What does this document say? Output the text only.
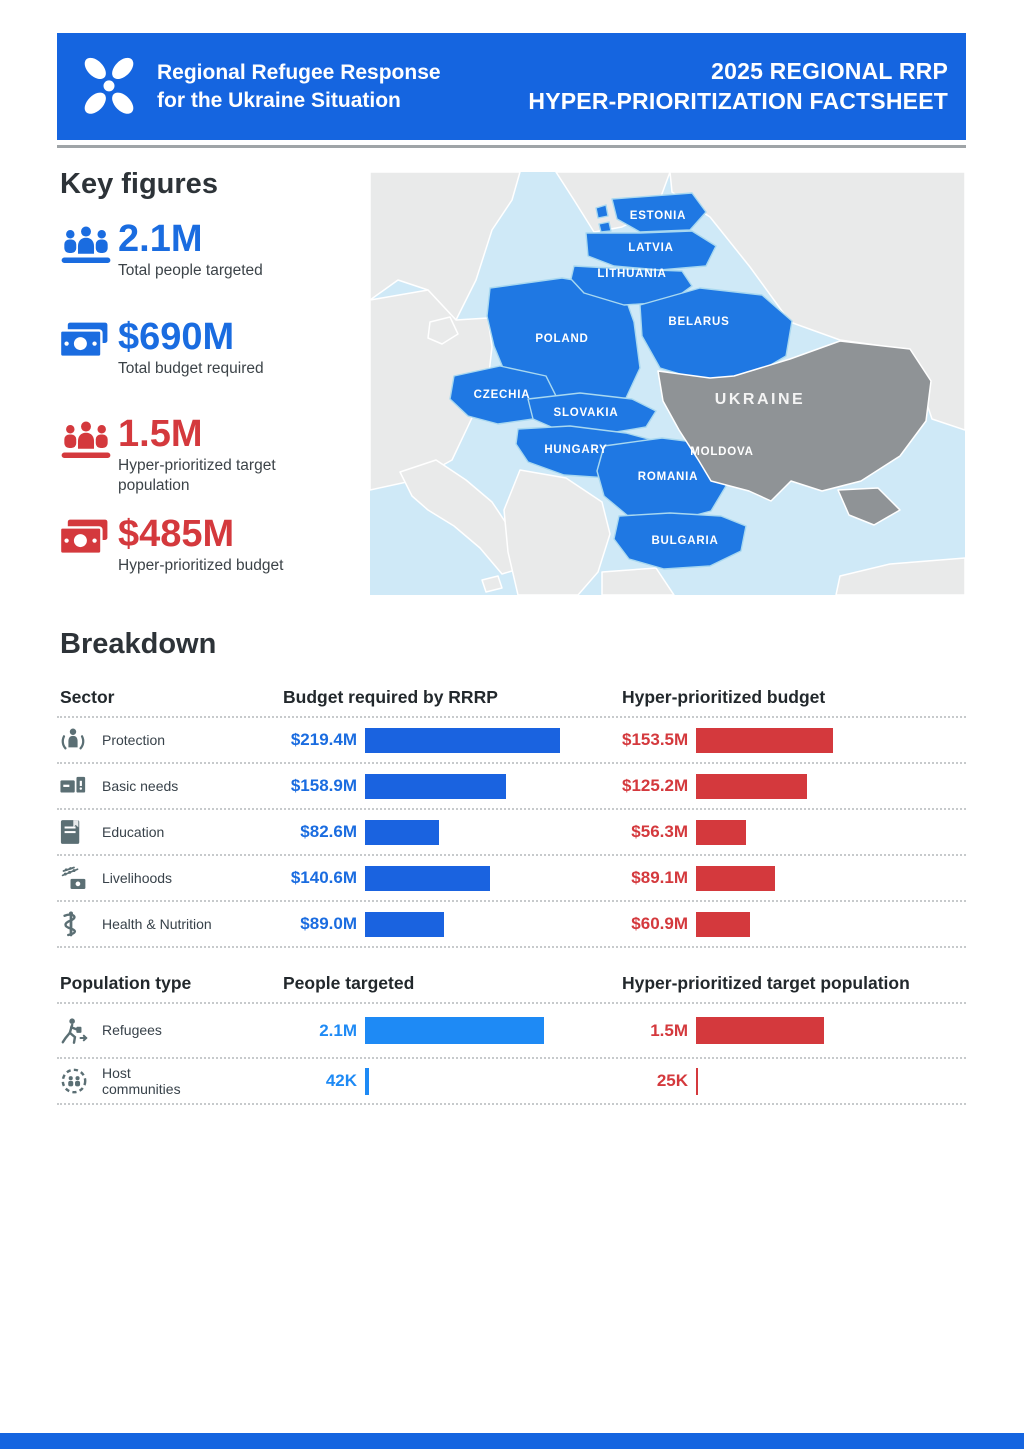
Regional Refugee Response
for the Ukraine Situation
2025 REGIONAL RRP
HYPER-PRIORITIZATION FACTSHEET
Key figures
2.1M
Total people targeted
$690M
Total budget required
1.5M
Hyper-prioritized target population
$485M
Hyper-prioritized budget
ESTONIA
LATVIA
LITHUANIA
BELARUS
POLAND
CZECHIA
SLOVAKIA
HUNGARY	MOLDOVA
ROMANIA
BULGARIA
UKRAINE
Breakdown
Sector	Budget required by RRRP	Hyper-prioritized budget
Protection	$219.4M	$153.5M
Basic needs	$158.9M	$125.2M
Education	$82.6M	$56.3M
Livelihoods	$140.6M	$89.1M
Health & Nutrition	$89.0M	$60.9M
Population type	People targeted	Hyper-prioritized target population
Refugees	2.1M	1.5M
Host communities	42K	25K
